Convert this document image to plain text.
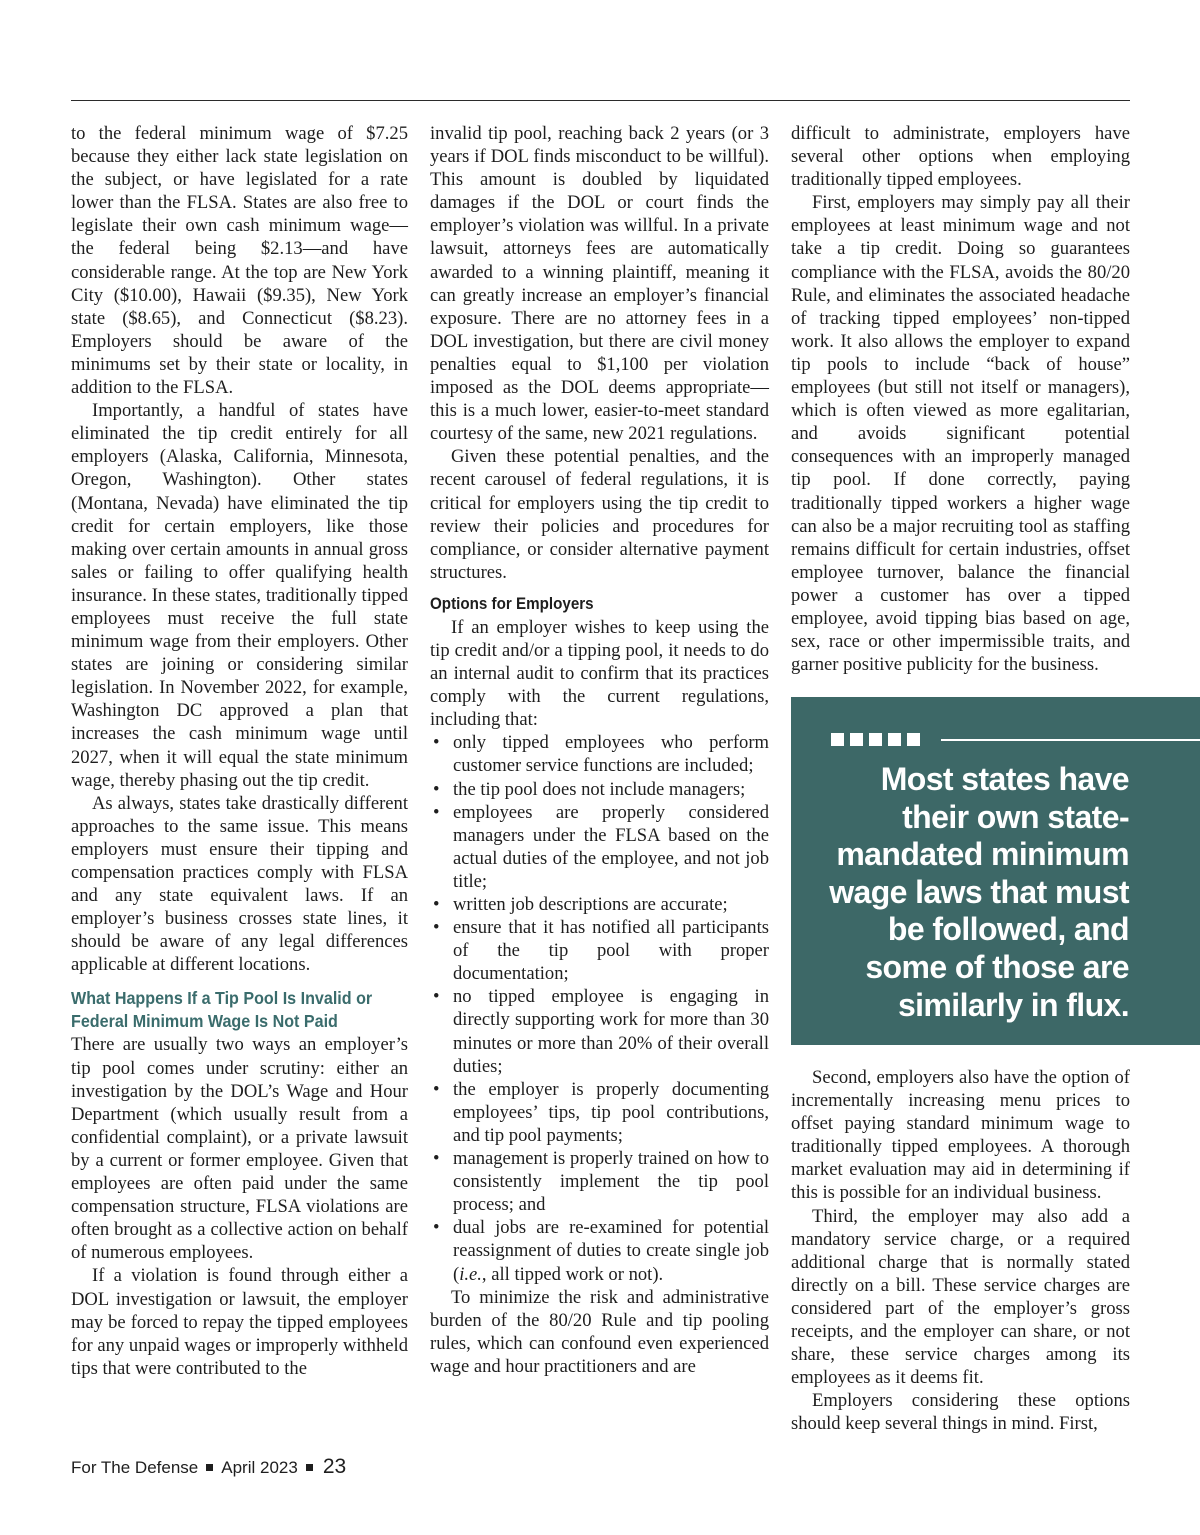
to the federal minimum wage of $7.25 because they either lack state legislation on the subject, or have legislated for a rate lower than the FLSA. States are also free to legislate their own cash minimum wage—the federal being $2.13—and have considerable range. At the top are New York City ($10.00), Hawaii ($9.35), New York state ($8.65), and Connecticut ($8.23). Employers should be aware of the minimums set by their state or locality, in addition to the FLSA.

Importantly, a handful of states have eliminated the tip credit entirely for all employers (Alaska, California, Minnesota, Oregon, Washington). Other states (Montana, Nevada) have eliminated the tip credit for certain employers, like those making over certain amounts in annual gross sales or failing to offer qualifying health insurance. In these states, traditionally tipped employees must receive the full state minimum wage from their employers. Other states are joining or considering similar legislation. In November 2022, for example, Washington DC approved a plan that increases the cash minimum wage until 2027, when it will equal the state minimum wage, thereby phasing out the tip credit.

As always, states take drastically different approaches to the same issue. This means employers must ensure their tipping and compensation practices comply with FLSA and any state equivalent laws. If an employer’s business crosses state lines, it should be aware of any legal differences applicable at different locations.

What Happens If a Tip Pool Is Invalid or Federal Minimum Wage Is Not Paid

There are usually two ways an employer’s tip pool comes under scrutiny: either an investigation by the DOL’s Wage and Hour Department (which usually result from a confidential complaint), or a private lawsuit by a current or former employee. Given that employees are often paid under the same compensation structure, FLSA violations are often brought as a collective action on behalf of numerous employees.

If a violation is found through either a DOL investigation or lawsuit, the employer may be forced to repay the tipped employees for any unpaid wages or improperly withheld tips that were contributed to the

invalid tip pool, reaching back 2 years (or 3 years if DOL finds misconduct to be willful). This amount is doubled by liquidated damages if the DOL or court finds the employer’s violation was willful. In a private lawsuit, attorneys fees are automatically awarded to a winning plaintiff, meaning it can greatly increase an employer’s financial exposure. There are no attorney fees in a DOL investigation, but there are civil money penalties equal to $1,100 per violation imposed as the DOL deems appropriate—this is a much lower, easier-to-meet standard courtesy of the same, new 2021 regulations.

Given these potential penalties, and the recent carousel of federal regulations, it is critical for employers using the tip credit to review their policies and procedures for compliance, or consider alternative payment structures.

Options for Employers

If an employer wishes to keep using the tip credit and/or a tipping pool, it needs to do an internal audit to confirm that its practices comply with the current regulations, including that:

• only tipped employees who perform customer service functions are included;
• the tip pool does not include managers;
• employees are properly considered managers under the FLSA based on the actual duties of the employee, and not job title;
• written job descriptions are accurate;
• ensure that it has notified all participants of the tip pool with proper documentation;
• no tipped employee is engaging in directly supporting work for more than 30 minutes or more than 20% of their overall duties;
• the employer is properly documenting employees’ tips, tip pool contributions, and tip pool payments;
• management is properly trained on how to consistently implement the tip pool process; and
• dual jobs are re-examined for potential reassignment of duties to create single job (i.e., all tipped work or not).

To minimize the risk and administrative burden of the 80/20 Rule and tip pooling rules, which can confound even experienced wage and hour practitioners and are

difficult to administrate, employers have several other options when employing traditionally tipped employees.

First, employers may simply pay all their employees at least minimum wage and not take a tip credit. Doing so guarantees compliance with the FLSA, avoids the 80/20 Rule, and eliminates the associated headache of tracking tipped employees’ non-tipped work. It also allows the employer to expand tip pools to include “back of house” employees (but still not itself or managers), which is often viewed as more egalitarian, and avoids significant potential consequences with an improperly managed tip pool. If done correctly, paying traditionally tipped workers a higher wage can also be a major recruiting tool as staffing remains difficult for certain industries, offset employee turnover, balance the financial power a customer has over a tipped employee, avoid tipping bias based on age, sex, race or other impermissible traits, and garner positive publicity for the business.

Most states have their own state-mandated minimum wage laws that must be followed, and some of those are similarly in flux.

Second, employers also have the option of incrementally increasing menu prices to offset paying standard minimum wage to traditionally tipped employees. A thorough market evaluation may aid in determining if this is possible for an individual business.

Third, the employer may also add a mandatory service charge, or a required additional charge that is normally stated directly on a bill. These service charges are considered part of the employer’s gross receipts, and the employer can share, or not share, these service charges among its employees as it deems fit.

Employers considering these options should keep several things in mind. First,

For The Defense April 2023 23
